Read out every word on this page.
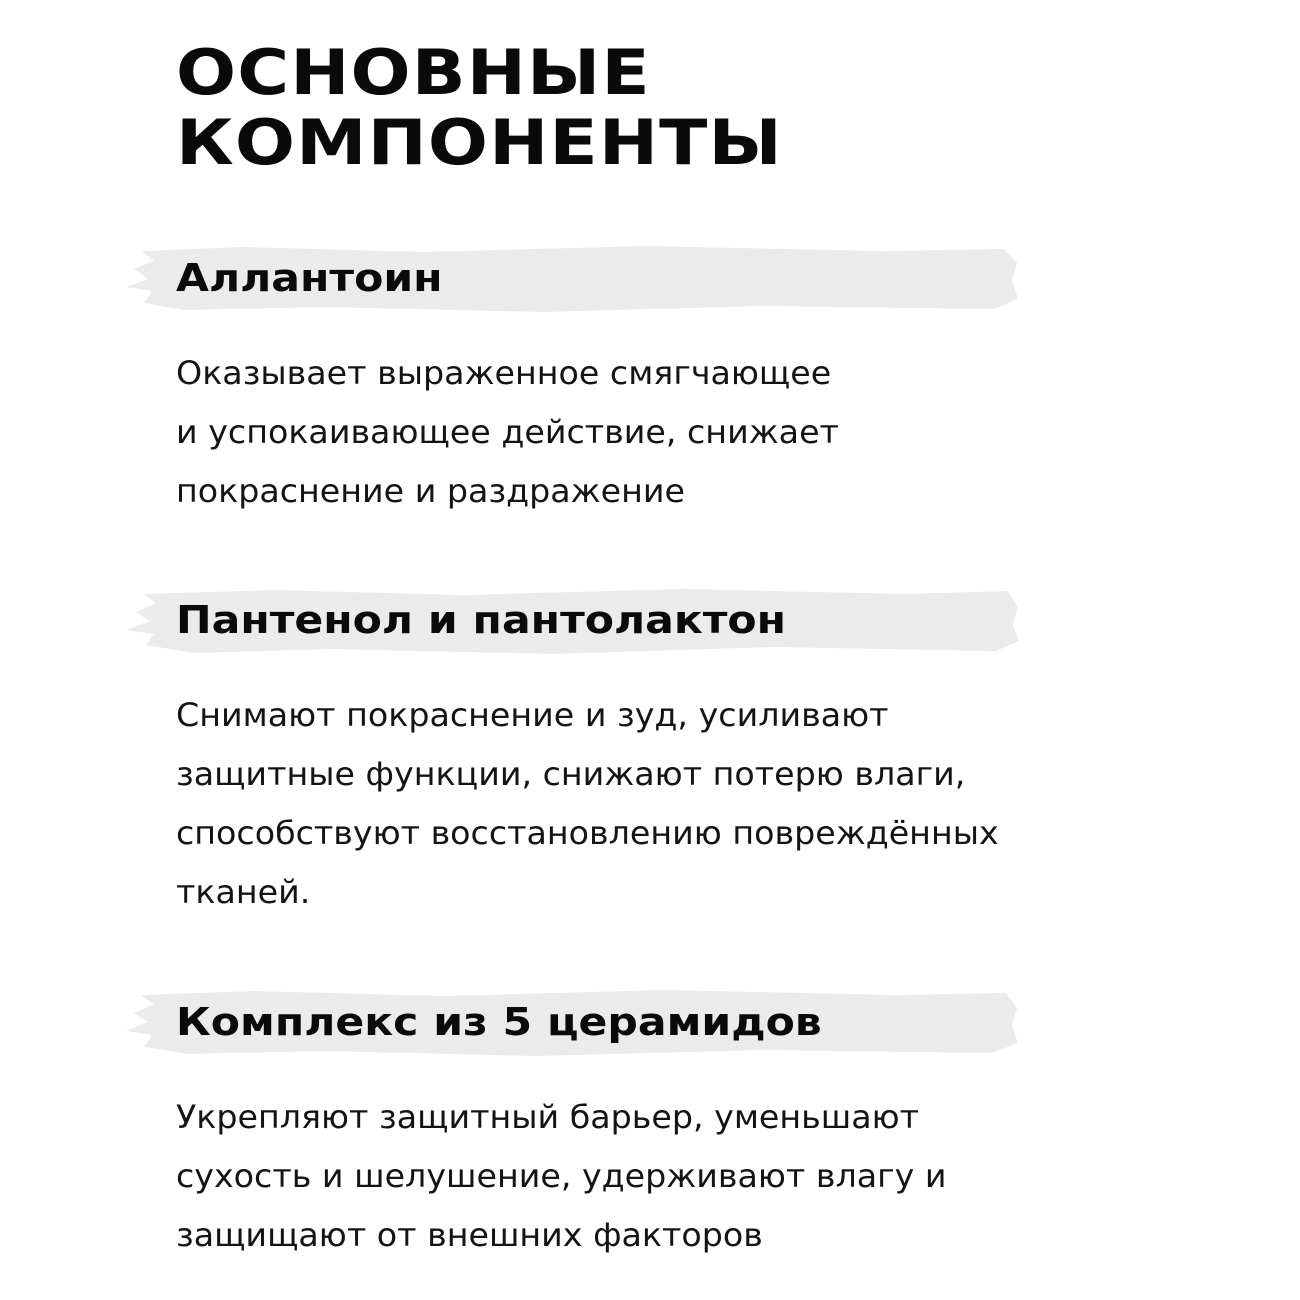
ОСНОВНЫЕ
КОМПОНЕНТЫ
Аллантоин

Оказывает выраженное смягчающее
и успокаивающее действие, снижает
покраснение и раздражение

Пантенол и пантолактон

Снимают покраснение и зуд, усиливают
защитные функции, снижают потерю влаги,
способствуют восстановлению повреждённых
тканей.

Комплекс из 5 церамидов

Укрепляют защитный барьер, уменьшают
сухость и шелушение, удерживают влагу и
защищают от внешних факторов
